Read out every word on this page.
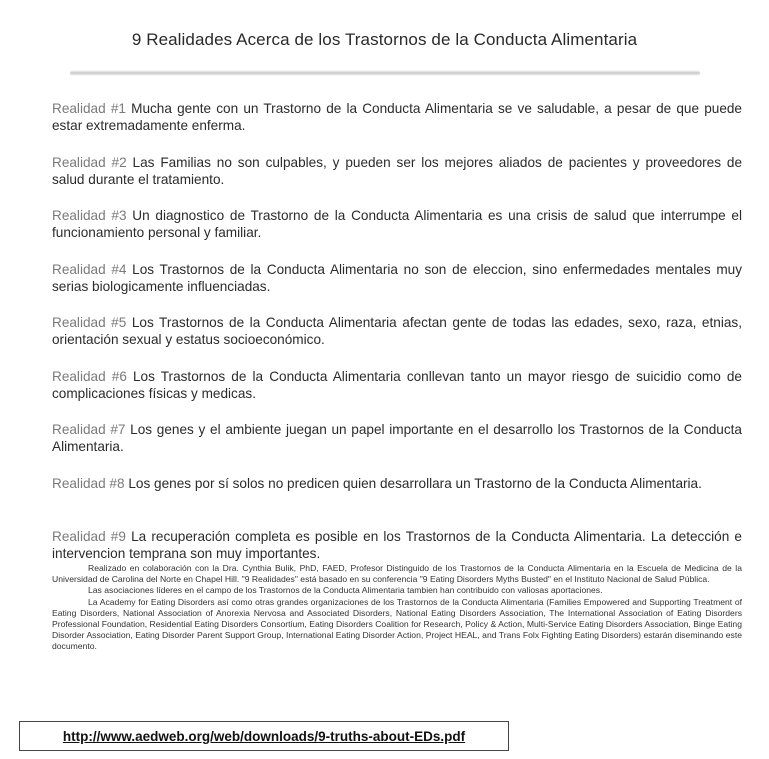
9 Realidades Acerca de los Trastornos de la Conducta Alimentaria

Realidad #1 Mucha gente con un Trastorno de la Conducta Alimentaria se ve saludable, a pesar de que puede estar extremadamente enferma.

Realidad #2 Las Familias no son culpables, y pueden ser los mejores aliados de pacientes y proveedores de salud durante el tratamiento.

Realidad #3 Un diagnostico de Trastorno de la Conducta Alimentaria es una crisis de salud que interrumpe el funcionamiento personal y familiar.

Realidad #4 Los Trastornos de la Conducta Alimentaria no son de eleccion, sino enfermedades mentales muy serias biologicamente influenciadas.

Realidad #5 Los Trastornos de la Conducta Alimentaria afectan gente de todas las edades, sexo, raza, etnias, orientación sexual y estatus socioeconómico.

Realidad #6 Los Trastornos de la Conducta Alimentaria conllevan tanto un mayor riesgo de suicidio como de complicaciones físicas y medicas.

Realidad #7 Los genes y el ambiente juegan un papel importante en el desarrollo los Trastornos de la Conducta Alimentaria.

Realidad #8 Los genes por sí solos no predicen quien desarrollara un Trastorno de la Conducta Alimentaria.

Realidad #9 La recuperación completa es posible en los Trastornos de la Conducta Alimentaria. La detección e intervencion temprana son muy importantes.

Realizado en colaboración con la Dra. Cynthia Bulik, PhD, FAED, Profesor Distinguido de los Trastornos de la Conducta Alimentaria en la Escuela de Medicina de la Universidad de Carolina del Norte en Chapel Hill. "9 Realidades" está basado en su conferencia "9 Eating Disorders Myths Busted" en el Instituto Nacional de Salud Pública.

Las asociaciones líderes en el campo de los Trastornos de la Conducta Alimentaria tambien han contribuido con valiosas aportaciones.

La Academy for Eating Disorders así como otras grandes organizaciones de los Trastornos de la Conducta Alimentaria (Families Empowered and Supporting Treatment of Eating Disorders, National Association of Anorexia Nervosa and Associated Disorders, National Eating Disorders Association, The International Association of Eating Disorders Professional Foundation, Residential Eating Disorders Consortium, Eating Disorders Coalition for Research, Policy & Action, Multi-Service Eating Disorders Association, Binge Eating Disorder Association, Eating Disorder Parent Support Group, International Eating Disorder Action, Project HEAL, and Trans Folx Fighting Eating Disorders) estarán diseminando este documento.

http://www.aedweb.org/web/downloads/9-truths-about-EDs.pdf
